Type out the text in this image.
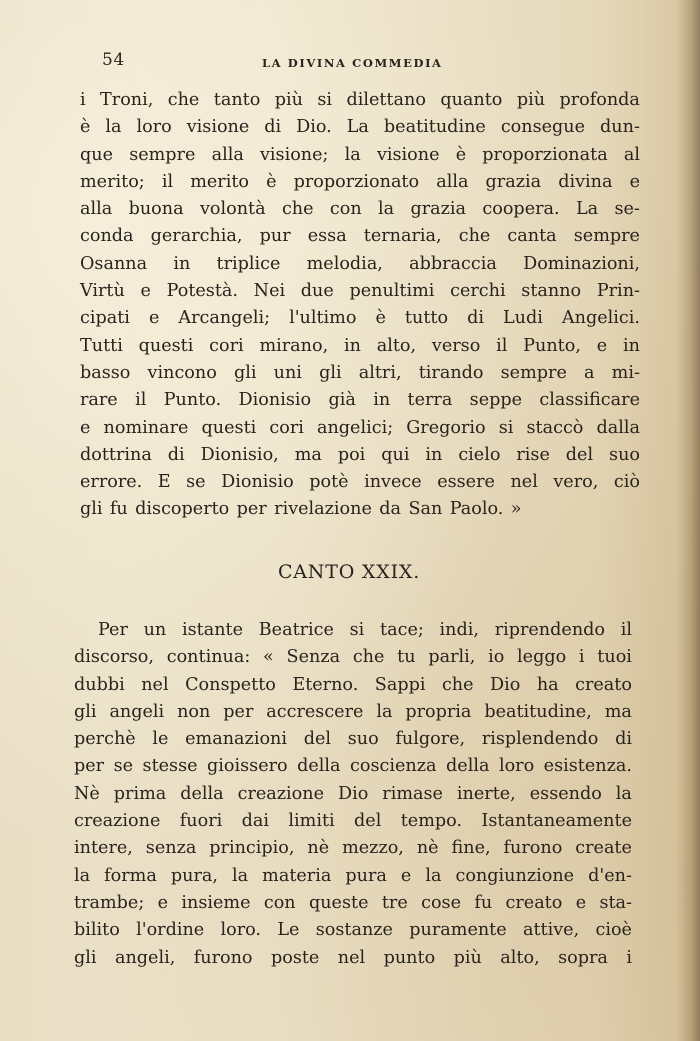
54	LA DIVINA COMMEDIA
i Troni, che tanto più si dilettano quanto più profonda
è la loro visione di Dio. La beatitudine consegue dun-
que sempre alla visione; la visione è proporzionata al
merito; il merito è proporzionato alla grazia divina e
alla buona volontà che con la grazia coopera. La se-
conda gerarchia, pur essa ternaria, che canta sempre
Osanna in triplice melodia, abbraccia Dominazioni,
Virtù e Potestà. Nei due penultimi cerchi stanno Prin-
cipati e Arcangeli; l'ultimo è tutto di Ludi Angelici.
Tutti questi cori mirano, in alto, verso il Punto, e in
basso vincono gli uni gli altri, tirando sempre a mi-
rare il Punto. Dionisio già in terra seppe classificare
e nominare questi cori angelici; Gregorio si staccò dalla
dottrina di Dionisio, ma poi qui in cielo rise del suo
errore. E se Dionisio potè invece essere nel vero, ciò
gli fu discoperto per rivelazione da San Paolo. »
CANTO XXIX.
Per un istante Beatrice si tace; indi, riprendendo il
discorso, continua: « Senza che tu parli, io leggo i tuoi
dubbi nel Conspetto Eterno. Sappi che Dio ha creato
gli angeli non per accrescere la propria beatitudine, ma
perchè le emanazioni del suo fulgore, risplendendo di
per se stesse gioissero della coscienza della loro esistenza.
Nè prima della creazione Dio rimase inerte, essendo la
creazione fuori dai limiti del tempo. Istantaneamente
intere, senza principio, nè mezzo, nè fine, furono create
la forma pura, la materia pura e la congiunzione d'en-
trambe; e insieme con queste tre cose fu creato e sta-
bilito l'ordine loro. Le sostanze puramente attive, cioè
gli angeli, furono poste nel punto più alto, sopra i
